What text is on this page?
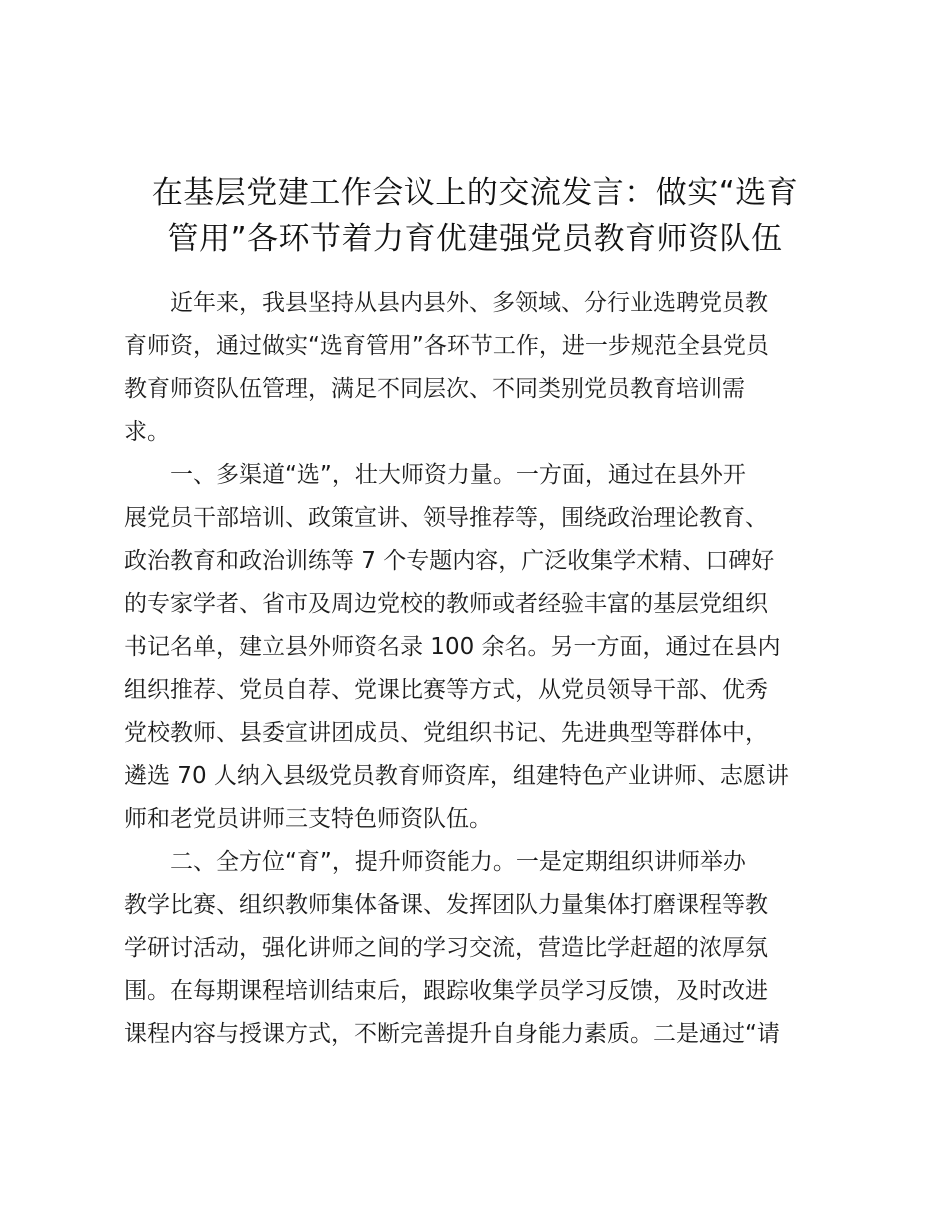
在基层党建工作会议上的交流发言：做实“选育
管用”各环节着力育优建强党员教育师资队伍
近年来，我县坚持从县内县外、多领域、分行业选聘党员教
育师资，通过做实“选育管用”各环节工作，进一步规范全县党员
教育师资队伍管理，满足不同层次、不同类别党员教育培训需
求。
一、多渠道“选”，壮大师资力量。一方面，通过在县外开
展党员干部培训、政策宣讲、领导推荐等，围绕政治理论教育、
政治教育和政治训练等 7 个专题内容，广泛收集学术精、口碑好
的专家学者、省市及周边党校的教师或者经验丰富的基层党组织
书记名单，建立县外师资名录 100 余名。另一方面，通过在县内
组织推荐、党员自荐、党课比赛等方式，从党员领导干部、优秀
党校教师、县委宣讲团成员、党组织书记、先进典型等群体中，
遴选 70 人纳入县级党员教育师资库，组建特色产业讲师、志愿讲
师和老党员讲师三支特色师资队伍。
二、全方位“育”，提升师资能力。一是定期组织讲师举办
教学比赛、组织教师集体备课、发挥团队力量集体打磨课程等教
学研讨活动，强化讲师之间的学习交流，营造比学赶超的浓厚氛
围。在每期课程培训结束后，跟踪收集学员学习反馈，及时改进
课程内容与授课方式，不断完善提升自身能力素质。二是通过“请
